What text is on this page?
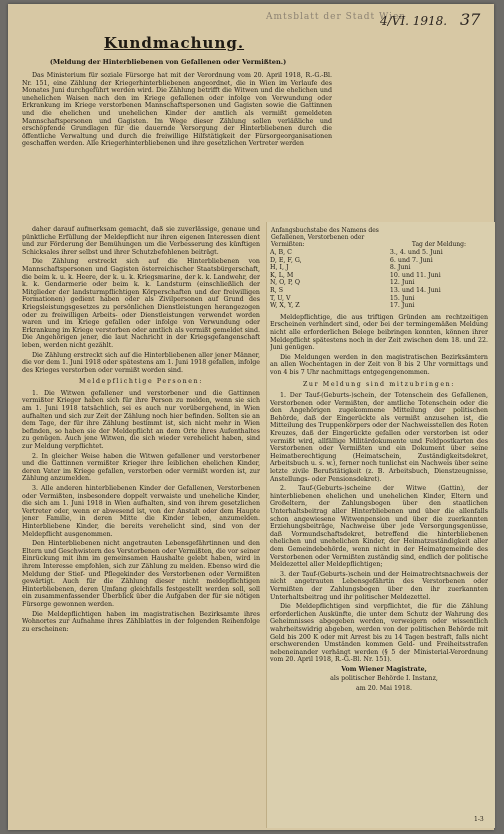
Amtsblatt der Stadt Wien
4/VI. 1918. 37
Kundmachung.
(Meldung der Hinterbliebenen von Gefallenen oder Vermißten.)

Das Ministerium für soziale Fürsorge hat mit der Verordnung vom 20. April 1918, R.-G.-Bl. Nr. 151, eine Zählung der Kriegerhinterbliebenen angeordnet, die in Wien im Verlaufe des Monates Juni durchgeführt werden wird. Die Zählung betrifft die Witwen und die ehelichen und unehelichen Waisen nach den im Kriege gefallenen oder infolge von Verwundung oder Erkrankung im Kriege verstorbenen Mannschaftspersonen und Gagisten sowie die Gattinnen und die ehelichen und unehelichen Kinder der amtlich als vermißt gemeldeten Mannschaftspersonen und Gagisten. Im Wege dieser Zählung sollen verläßliche und erschöpfende Grundlagen für die dauernde Versorgung der Hinterbliebenen durch die öffentliche Verwaltung und durch die freiwillige Hilfstätigkeit der Fürsorgeorganisationen geschaffen werden. Alle Kriegerhinterbliebenen und ihre gesetzlichen Vertreter werden

daher darauf aufmerksam gemacht, daß sie zuverlässige, genaue und pünktliche Erfüllung der Meldepflicht nur ihren eigenen Interessen dient und zur Förderung der Bemühungen um die Verbesserung des künftigen Schicksales ihrer selbst und ihrer Schutzbefohlenen beiträgt.

Die Zählung erstreckt sich auf die Hinterbliebenen von Mannschaftspersonen und Gagisten österreichischer Staatsbürgerschaft, die beim k. u. k. Heere, der k. u. k. Kriegsmarine, der k. k. Landwehr, der k. k. Gendarmerie oder beim k. k. Landsturm (einschließlich der Mitglieder der landsturmpflichtigen Körperschaften und der freiwilligen Formationen) gedient haben oder als Zivilpersonen auf Grund des Kriegsleistungsgesetzes zu persönlichen Dienstleistungen herangezogen oder zu freiwilligen Arbeits- oder Dienstleistungen verwendet worden waren und im Kriege gefallen oder infolge von Verwundung oder Erkrankung im Kriege verstorben oder amtlich als vermißt gemeldet sind. Die Angehörigen jener, die laut Nachricht in der Kriegsgefangenschaft leben, werden nicht gezählt.

Die Zählung erstreckt sich auf die Hinterbliebenen aller jener Männer, die vor dem 1. Juni 1918 oder spätestens am 1. Juni 1918 gefallen, infolge des Krieges verstorben oder vermißt worden sind.

Meldepflichtige Personen:

1. Die Witwen gefallener und verstorbener und die Gattinnen vermißter Krieger haben sich für ihre Person zu melden, wenn sie sich am 1. Juni 1918 tatsächlich, sei es auch nur vorübergehend, in Wien aufhalten und sich zur Zeit der Zählung noch hier befinden. Sollten sie an dem Tage, der für ihre Zählung bestimmt ist, sich nicht mehr in Wien befinden, so haben sie der Meldepflicht an dem Orte ihres Aufenthaltes zu genügen. Auch jene Witwen, die sich wieder verehelicht haben, sind zur Meldung verpflichtet.

2. In gleicher Weise haben die Witwen gefallener und verstorbener und die Gattinnen vermißter Krieger ihre leiblichen ehelichen Kinder, deren Vater im Kriege gefallen, verstorben oder vermißt worden ist, zur Zählung anzumelden.

3. Alle anderen hinterbliebenen Kinder der Gefallenen, Verstorbenen oder Vermißten, insbesondere doppelt verwaiste und uneheliche Kinder, die sich am 1. Juni 1918 in Wien aufhalten, sind von ihrem gesetzlichen Vertreter oder, wenn er abwesend ist, von der Anstalt oder dem Haupte jener Familie, in deren Mitte die Kinder leben, anzumelden. Hinterbliebene Kinder, die bereits verehelicht sind, sind von der Meldepflicht ausgenommen.

Den Hinterbliebenen nicht angetrauten Lebensgefährtinnen und den Eltern und Geschwistern des Verstorbenen oder Vermißten, die vor seiner Einrückung mit ihm im gemeinsamen Haushalte gelebt haben, wird in ihrem Interesse empfohlen, sich zur Zählung zu melden. Ebenso wird die Meldung der Stief- und Pflegekinder des Verstorbenen oder Vermißten gewärtigt. Auch für die Zählung dieser nicht meldepflichtigen Hinterbliebenen, deren Umfang gleichfalls festgestellt werden soll, soll ein zusammenfassender Überblick über die Aufgaben der für sie nötigen Fürsorge gewonnen werden.

Die Meldepflichtigen haben im magistratischen Bezirksamte ihres Wohnortes zur Aufnahme ihres Zählblattes in der folgenden Reihenfolge zu erscheinen:

Anfangsbuchstabe des Namens des Gefallenen, Verstorbenen oder Vermißten:	Tag der Meldung:
A, B, C	3., 4. und 5. Juni
D, E, F, G,	6. und 7. Juni
H, I, J	8. Juni
K, L, M	10. und 11. Juni
N, O, P, Q	12. Juni
R, S	13. und 14. Juni
T, U, V	15. Juni
W, X, Y, Z	17. Juni

Meldepflichtige, die aus triftigen Gründen am rechtzeitigen Erscheinen verhindert sind, oder bei der termingemäßen Meldung nicht alle erforderlichen Belege beibringen konnten, können ihrer Meldepflicht spätestens noch in der Zeit zwischen dem 18. und 22. Juni genügen.

Die Meldungen werden in den magistratischen Bezirksämtern an allen Wochentagen in der Zeit von 8 bis 2 Uhr vormittags und von 4 bis 7 Uhr nachmittags entgegengenommen.

Zur Meldung sind mitzubringen:

1. Der Tauf-(Geburts-)schein, der Totenschein des Gefallenen, Verstorbenen oder Vermißten, der amtliche Totenschein oder die den Angehörigen zugekommene Mitteilung der politischen Behörde, daß der Eingerückte als vermißt anzusehen ist, die Mitteilung des Truppenkörpers oder der Nachweisstellen des Roten Kreuzes, daß der Eingerückte gefallen oder verstorben ist oder vermißt wird, allfällige Militärdokumente und Feldpostkarten des Verstorbenen oder Vermißten und ein Dokument über seine Heimatberechtigung (Heimatschein, Zuständigkeitsdekret, Arbeitsbuch u. s. w.), ferner noch tunlichst ein Nachweis über seine letzte zivile Berufstätigkeit (z. B. Arbeitsbuch, Dienstzeugnisse, Anstellungs- oder Pensionsdekret).

2. Tauf-(Geburts-)scheine der Witwe (Gattin), der hinterbliebenen ehelichen und unehelichen Kinder, Eltern und Großeltern, der Zahlungsbogen über den staatlichen Unterhaltsbeitrag aller Hinterbliebenen und über die allenfalls schon angewiesene Witwenpension und über die zuerkannten Erziehungsbeiträge, Nachweise über jede Versorgungsgenüsse, daß Vormundschaftsdekret, betreffend die hinterbliebenen ehelichen und unehelichen Kinder, der Heimatzuständigkeit aller dem Gemeindebehörde, wenn nicht in der Heimatgemeinde des Verstorbenen oder Vermißten zuständig sind, endlich der politische Meldezettel aller Meldepflichtigen;

3. der Tauf-(Geburts-)schein und der Heimatrechtsnachweis der nicht angetrauten Lebensgefährtin des Verstorbenen oder Vermißten der Zahlungsbogen über den ihr zuerkannten Unterhaltsbeitrag und ihr politischer Meldezettel.

Die Meldepflichtigen sind verpflichtet, die für die Zählung erforderlichen Auskünfte, die unter dem Schutz der Wahrung des Geheimnisses abgegeben werden, verweigern oder wissentlich wahrheitswidrig abgeben, werden von der politischen Behörde mit Geld bis 200 K oder mit Arrest bis zu 14 Tagen bestraft, falls nicht erschwerenden Umständen kommen Geld- und Freiheitsstrafen nebeneinander verhängt werden (§ 5 der Ministerial-Verordnung vom 20. April 1918, R.-G.-Bl. Nr. 151).

Vom Wiener Magistrate,

als politischer Behörde I. Instanz,

am 20. Mai 1918.

1-3
